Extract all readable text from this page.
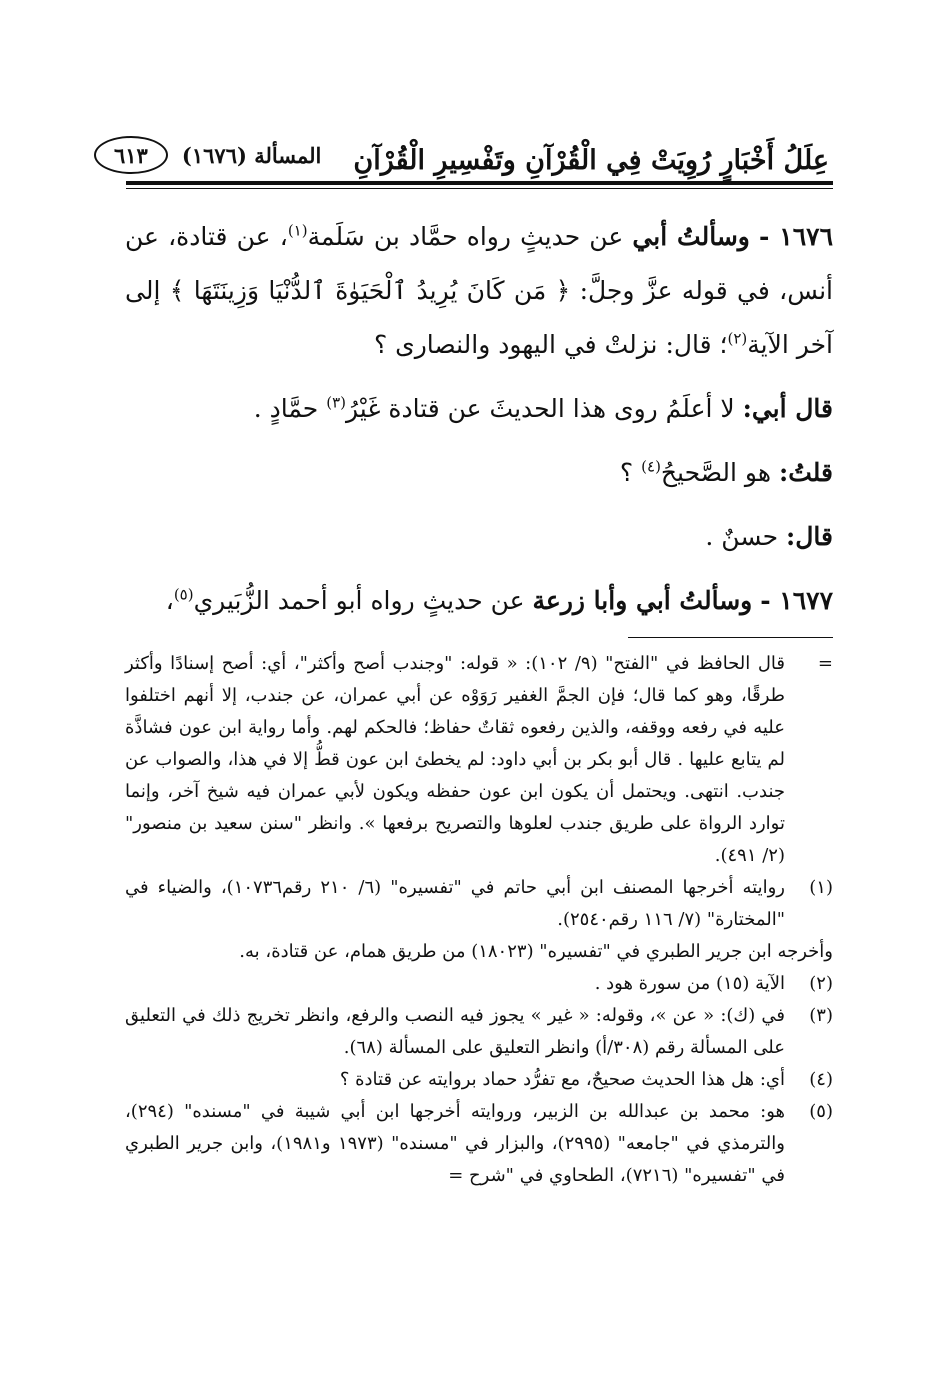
عِلَلُ أَخْبَارٍ رُوِيَتْ فِي الْقُرْآنِ وتَفْسِيرِ الْقُرْآنِ
المسألة (١٦٧٦)
٦١٣

١٦٧٦ - وسألتُ أبي عن حديثٍ رواه حمَّاد بن سَلَمة$^{(١)}$، عن قتادة، عن أنس، في قوله عزَّ وجلَّ: ﴿ مَن كَانَ يُرِيدُ ٱلْحَيَوٰةَ ٱلدُّنْيَا وَزِينَتَهَا ﴾ إلى آخر الآية$^{(٢)}$؛ قال: نزلتْ في اليهود والنصارى ؟

قال أبي: لا أعلَمُ روى هذا الحديثَ عن قتادة غَيْرُ$^{(٣)}$ حمَّادٍ .

قلتُ: هو الصَّحيحُ$^{(٤)}$ ؟

قال: حسنٌ .

١٦٧٧ - وسألتُ أبي وأبا زرعة عن حديثٍ رواه أبو أحمد الزُّبَيري$^{(٥)}$،

=
قال الحافظ في "الفتح" (٩/ ١٠٢): « قوله: "وجندب أصح وأكثر"، أي: أصح إسنادًا وأكثر طرقًا، وهو كما قال؛ فإن الجمَّ الغفير رَوَوْه عن أبي عمران، عن جندب، إلا أنهم اختلفوا عليه في رفعه ووقفه، والذين رفعوه ثقاتٌ حفاظ؛ فالحكم لهم. وأما رواية ابن عون فشاذَّة لم يتابع عليها . قال أبو بكر بن أبي داود: لم يخطئ ابن عون قطُّ إلا في هذا، والصواب عن جندب. انتهى. ويحتمل أن يكون ابن عون حفظه ويكون لأبي عمران فيه شيخ آخر، وإنما توارد الرواة على طريق جندب لعلوها والتصريح برفعها ». وانظر "سنن سعيد بن منصور" (٢/ ٤٩١).
(١)
روايته أخرجها المصنف ابن أبي حاتم في "تفسيره" (٦/ ٢١٠ رقم١٠٧٣٦)، والضياء في "المختارة" (٧/ ١١٦ رقم٢٥٤٠).
وأخرجه ابن جرير الطبري في "تفسيره" (١٨٠٢٣) من طريق همام، عن قتادة، به.
(٢)
الآية (١٥) من سورة هود .
(٣)
في (ك): « عن »، وقوله: « غير » يجوز فيه النصب والرفع، وانظر تخريج ذلك في التعليق على المسألة رقم (٣٠٨/أ) وانظر التعليق على المسألة (٦٨).
(٤)
أي: هل هذا الحديث صحيحٌ، مع تفرُّد حماد بروايته عن قتادة ؟
(٥)
هو: محمد بن عبدالله بن الزبير، وروايته أخرجها ابن أبي شيبة في "مسنده" (٢٩٤)، والترمذي في "جامعه" (٢٩٩٥)، والبزار في "مسنده" (١٩٧٣ و١٩٨١)، وابن جرير الطبري في "تفسيره" (٧٢١٦)، الطحاوي في "شرح =
